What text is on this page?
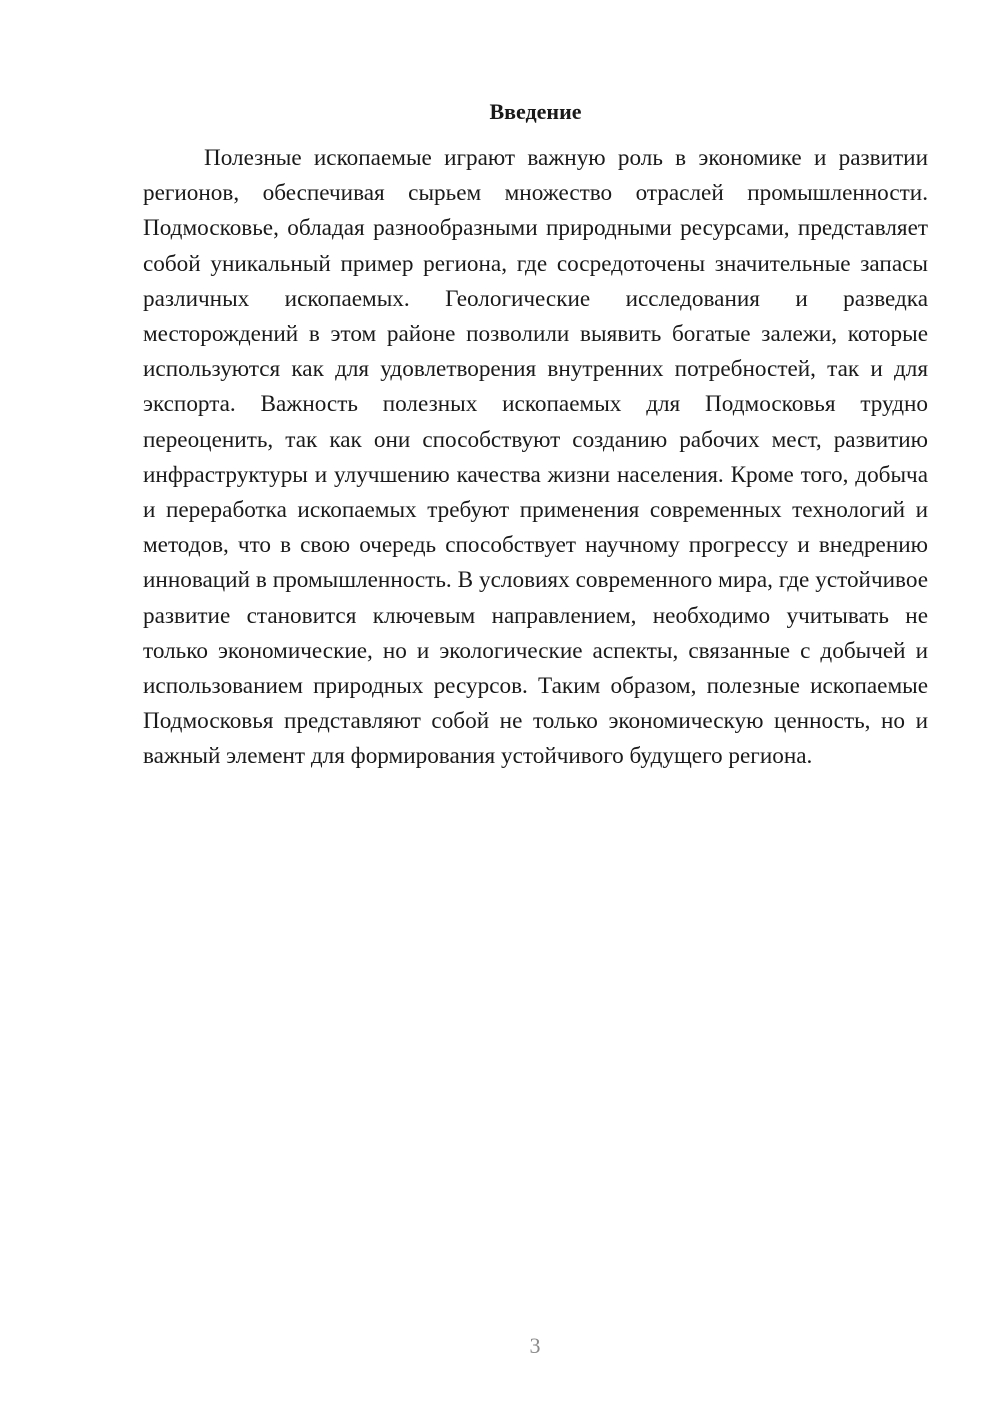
Введение

Полезные ископаемые играют важную роль в экономике и развитии регионов, обеспечивая сырьем множество отраслей промышленности. Подмосковье, обладая разнообразными природными ресурсами, представляет собой уникальный пример региона, где сосредоточены значительные запасы различных ископаемых. Геологические исследования и разведка месторождений в этом районе позволили выявить богатые залежи, которые используются как для удовлетворения внутренних потребностей, так и для экспорта. Важность полезных ископаемых для Подмосковья трудно переоценить, так как они способствуют созданию рабочих мест, развитию инфраструктуры и улучшению качества жизни населения. Кроме того, добыча и переработка ископаемых требуют применения современных технологий и методов, что в свою очередь способствует научному прогрессу и внедрению инноваций в промышленность. В условиях современного мира, где устойчивое развитие становится ключевым направлением, необходимо учитывать не только экономические, но и экологические аспекты, связанные с добычей и использованием природных ресурсов. Таким образом, полезные ископаемые Подмосковья представляют собой не только экономическую ценность, но и важный элемент для формирования устойчивого будущего региона.

3
